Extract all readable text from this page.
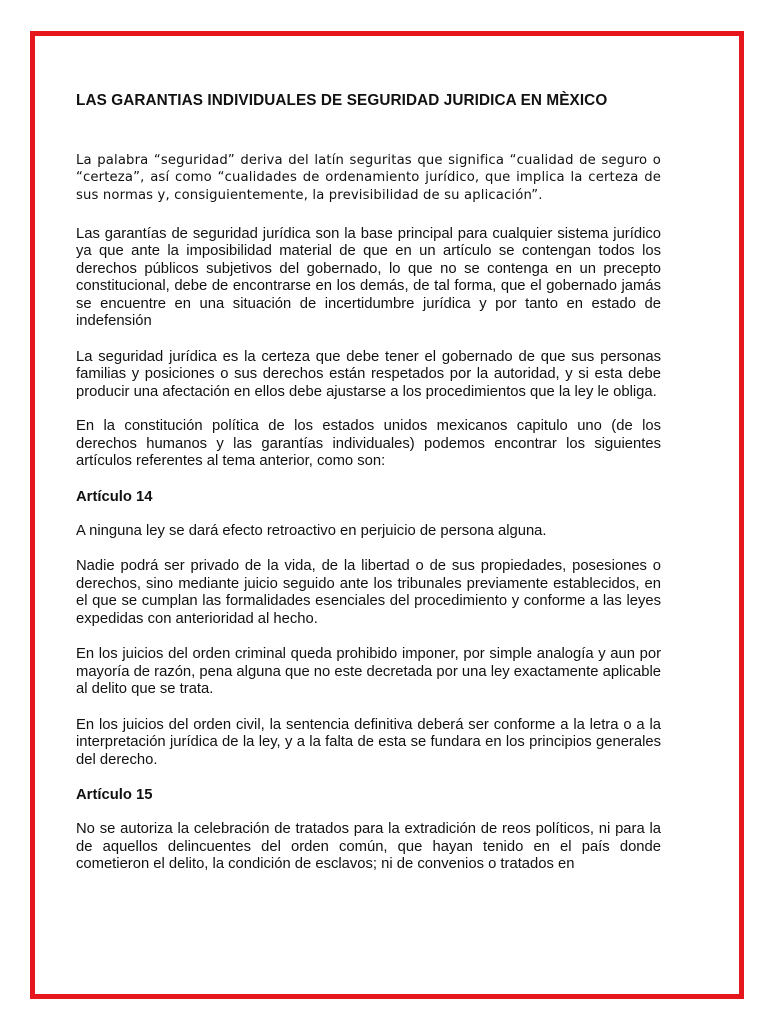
LAS GARANTIAS INDIVIDUALES DE SEGURIDAD JURIDICA EN MÈXICO

La palabra “seguridad” deriva del latín seguritas que significa “cualidad de seguro o “certeza”, así como “cualidades de ordenamiento jurídico, que implica la certeza de sus normas y, consiguientemente, la previsibilidad de su aplicación”.

Las garantías de seguridad jurídica son la base principal para cualquier sistema jurídico ya que ante la imposibilidad material de que en un artículo se contengan todos los derechos públicos subjetivos del gobernado, lo que no se contenga en un precepto constitucional, debe de encontrarse en los demás, de tal forma, que el gobernado jamás se encuentre en una situación de incertidumbre jurídica y por tanto en estado de indefensión

La seguridad jurídica es la certeza que debe tener el gobernado de que sus personas familias y posiciones o sus derechos están respetados por la autoridad, y si esta debe producir una afectación en ellos debe ajustarse a los procedimientos que la ley le obliga.

En la constitución política de los estados unidos mexicanos capitulo uno (de los derechos humanos y las garantías individuales) podemos encontrar los siguientes artículos referentes al tema anterior, como son:

Artículo 14

A ninguna ley se dará efecto retroactivo en perjuicio de persona alguna.

Nadie podrá ser privado de la vida, de la libertad o de sus propiedades, posesiones o derechos, sino mediante juicio seguido ante los tribunales previamente establecidos, en el que se cumplan las formalidades esenciales del procedimiento y conforme a las leyes expedidas con anterioridad al hecho.

En los juicios del orden criminal queda prohibido imponer, por simple analogía y aun por mayoría de razón, pena alguna que no este decretada por una ley exactamente aplicable al delito que se trata.

En los juicios del orden civil, la sentencia definitiva deberá ser conforme a la letra o a la interpretación jurídica de la ley, y a la falta de esta se fundara en los principios generales del derecho.

Artículo 15

No se autoriza la celebración de tratados para la extradición de reos políticos, ni para la de aquellos delincuentes del orden común, que hayan tenido en el país donde cometieron el delito, la condición de esclavos; ni de convenios o tratados en
